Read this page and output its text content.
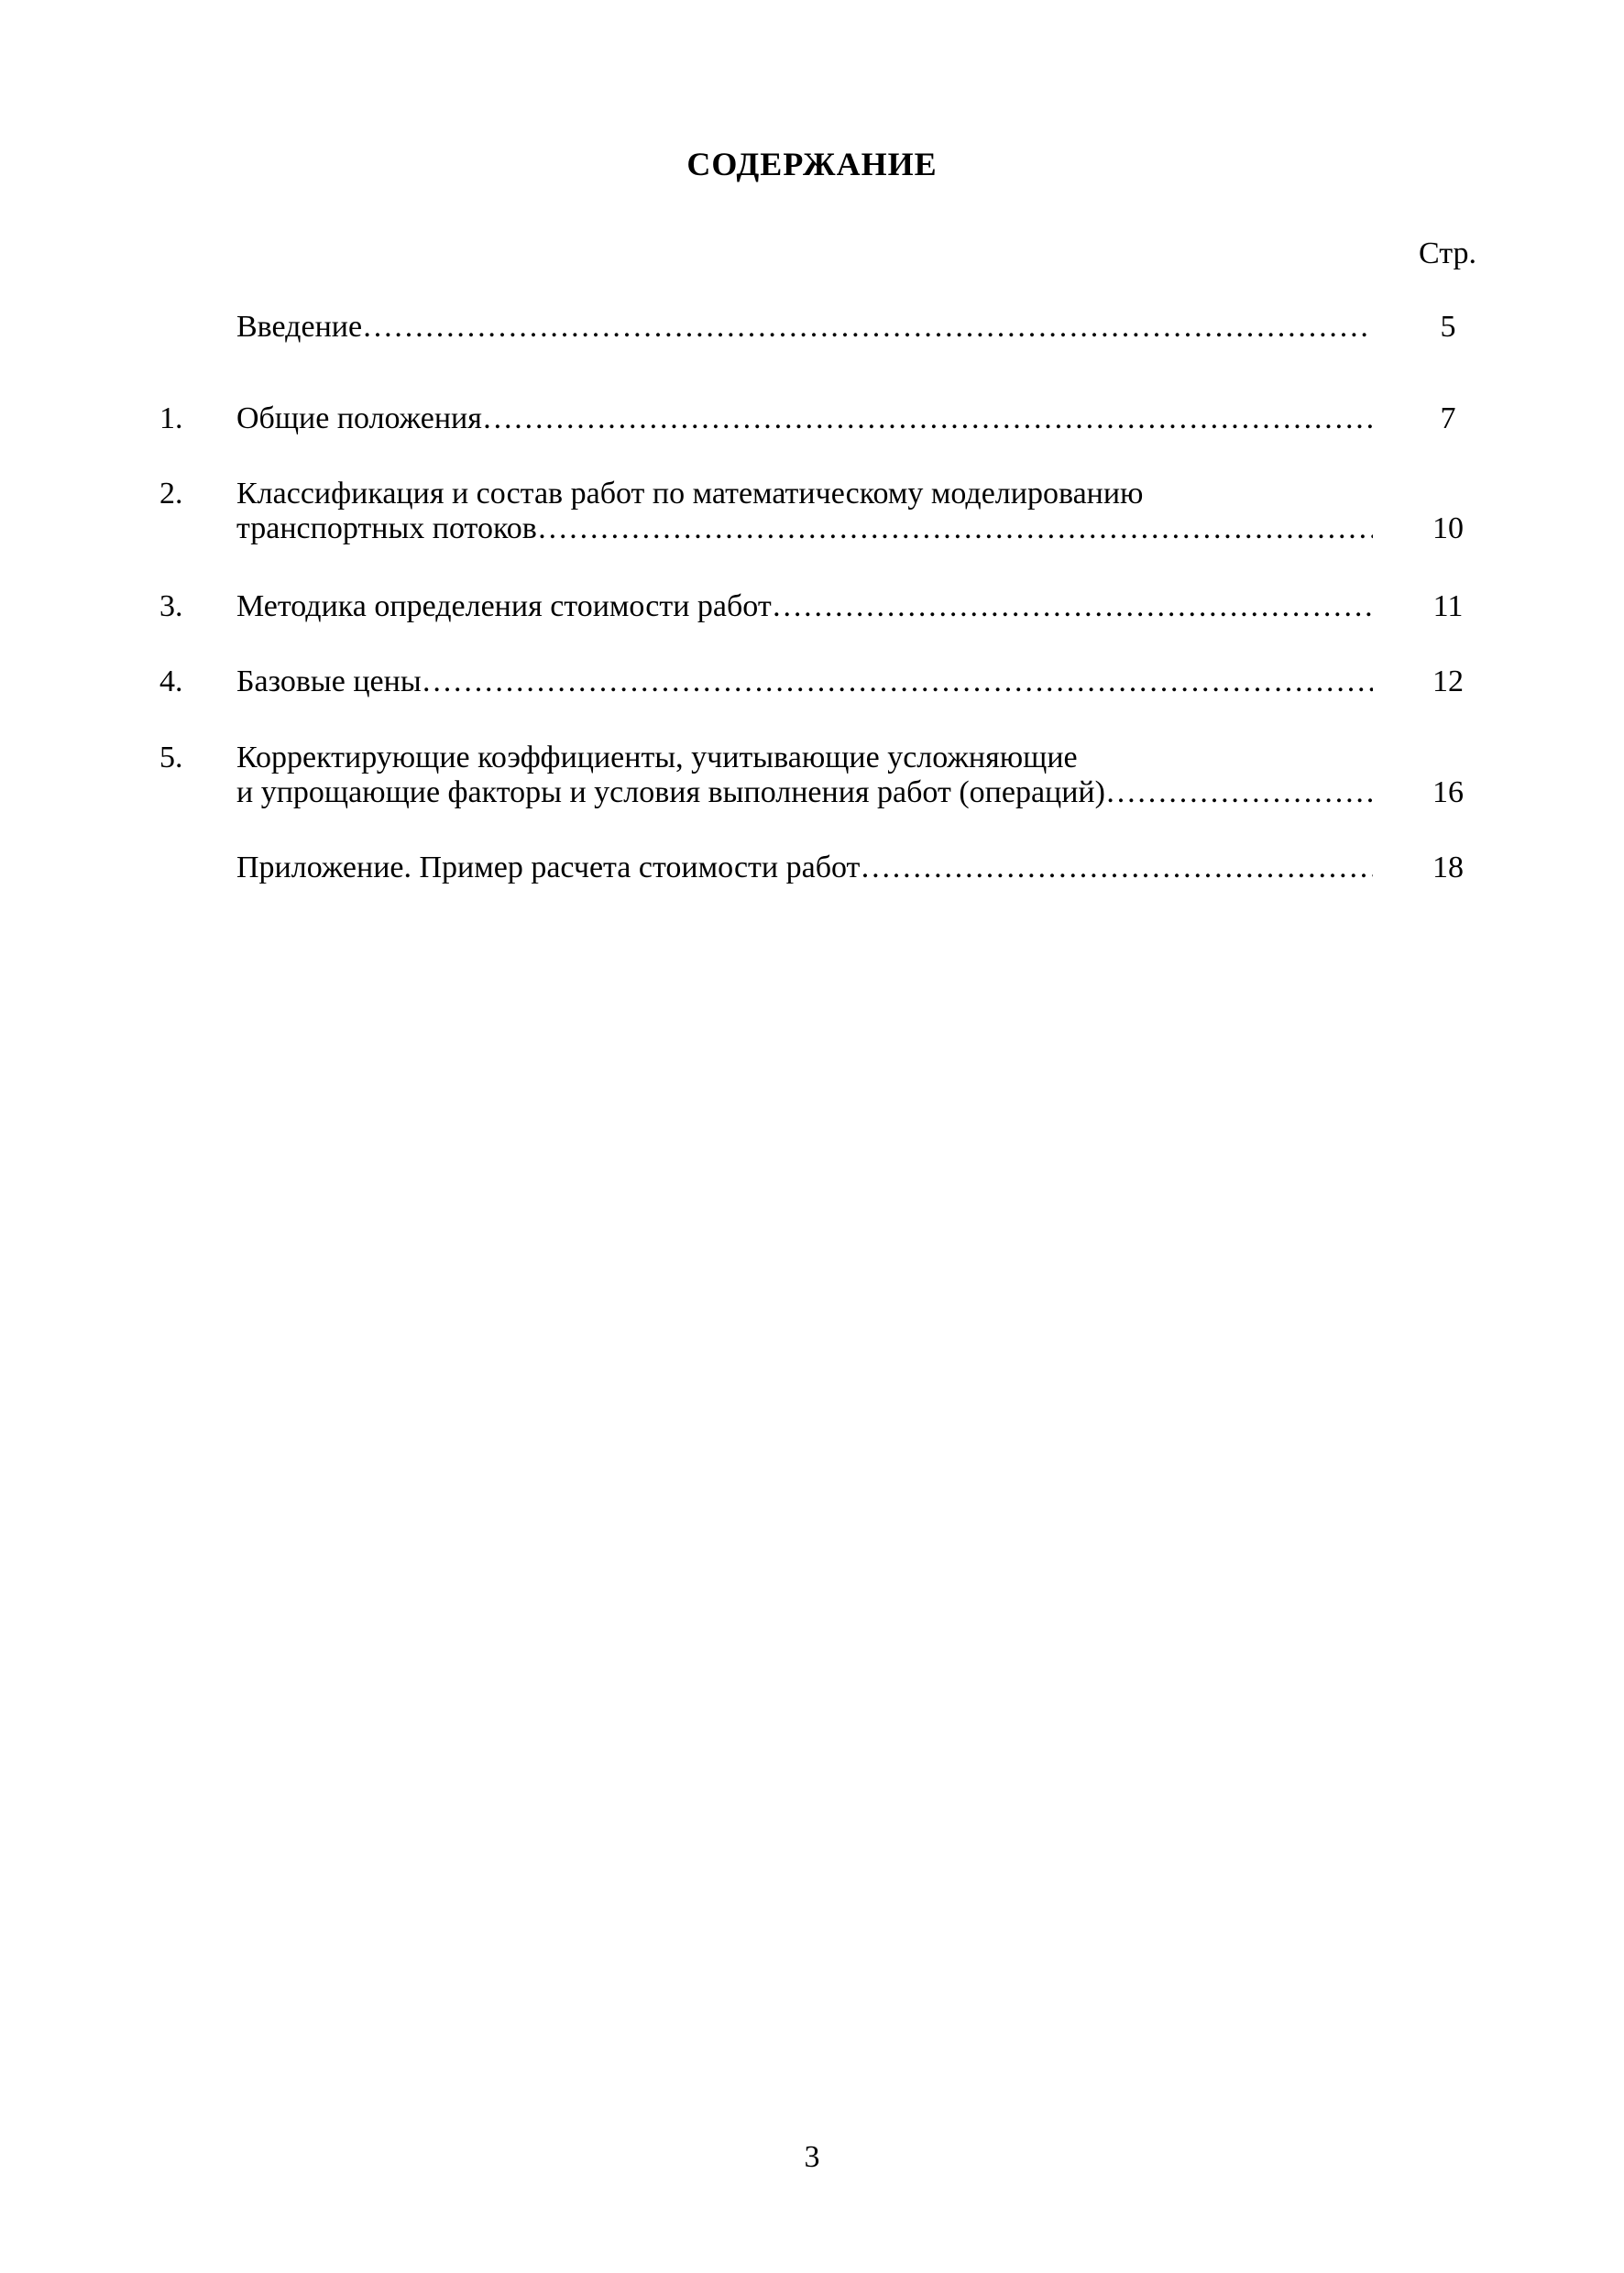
СОДЕРЖАНИЕ
Стр.
Введение …………………………………………………………………………………………………………………………………………………………………………………	5
1. Общие положения …………………………………………………………………………………………………………………………………………………………………………………	7
2. Классификация и состав работ по математическому моделированию
транспортных потоков …………………………………………………………………………………………………………………………………………………………………………………	10
3. Методика определения стоимости работ …………………………………………………………………………………………………………………………………………………………………………………	11
4. Базовые цены …………………………………………………………………………………………………………………………………………………………………………………	12
5. Корректирующие коэффициенты, учитывающие усложняющие
и упрощающие факторы и условия выполнения работ (операций) …………………………………………………………………………………………………………………………………………………………………………………	16
Приложение. Пример расчета стоимости работ …………………………………………………………………………………………………………………………………………………………………………………	18
3
